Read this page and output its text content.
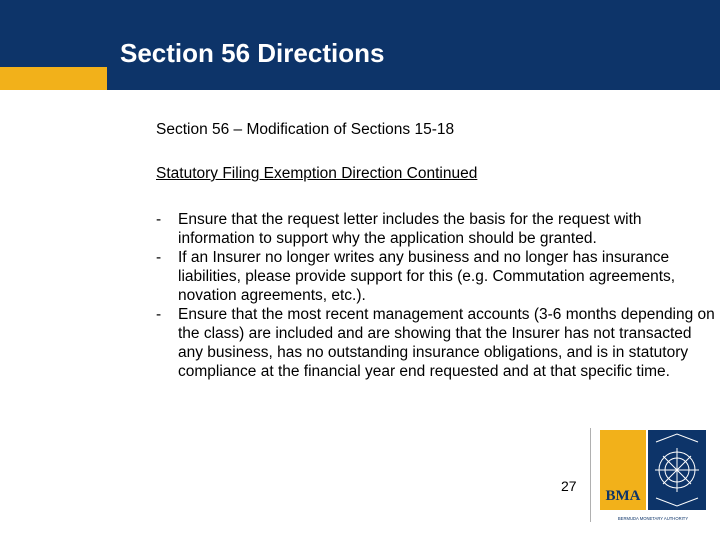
Section 56 Directions
Section 56 – Modification of Sections 15-18
Statutory Filing Exemption Direction Continued
- Ensure that the request letter includes the basis for the request with information to support why the application should be granted.
- If an Insurer no longer writes any business and no longer has insurance liabilities, please provide support for this (e.g. Commutation agreements, novation agreements, etc.).
- Ensure that the most recent management accounts (3-6 months depending on the class) are included and are showing that the Insurer has not transacted any business, has no outstanding insurance obligations, and is in statutory compliance at the financial year end requested and at that specific time.
27
BMA
BERMUDA MONETARY AUTHORITY
